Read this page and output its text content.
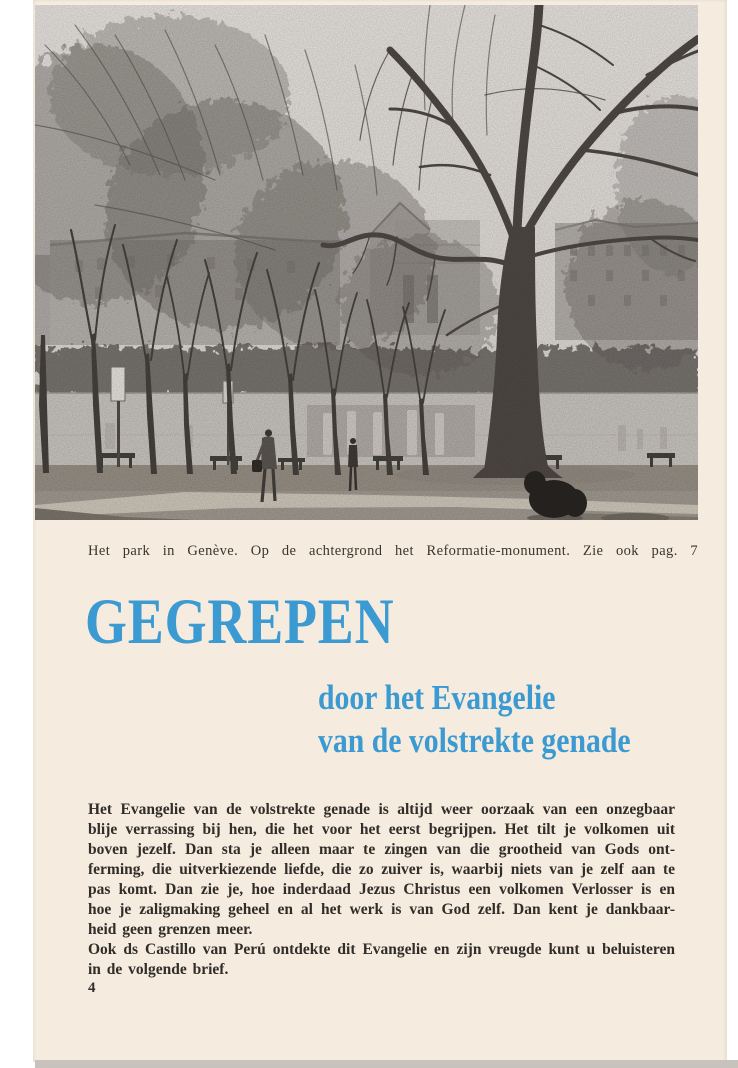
Het park in Genève. Op de achtergrond het Reformatie-monument. Zie ook pag. 7
GEGREPEN
door het Evangelie
van de volstrekte genade
Het Evangelie van de volstrekte genade is altijd weer oorzaak van een onzegbaar
blije verrassing bij hen, die het voor het eerst begrijpen. Het tilt je volkomen uit
boven jezelf. Dan sta je alleen maar te zingen van die grootheid van Gods ont-
ferming, die uitverkiezende liefde, die zo zuiver is, waarbij niets van je zelf aan te
pas komt. Dan zie je, hoe inderdaad Jezus Christus een volkomen Verlosser is en
hoe je zaligmaking geheel en al het werk is van God zelf. Dan kent je dankbaar-
heid geen grenzen meer.
Ook ds Castillo van Perú ontdekte dit Evangelie en zijn vreugde kunt u beluisteren
in de volgende brief.
4
